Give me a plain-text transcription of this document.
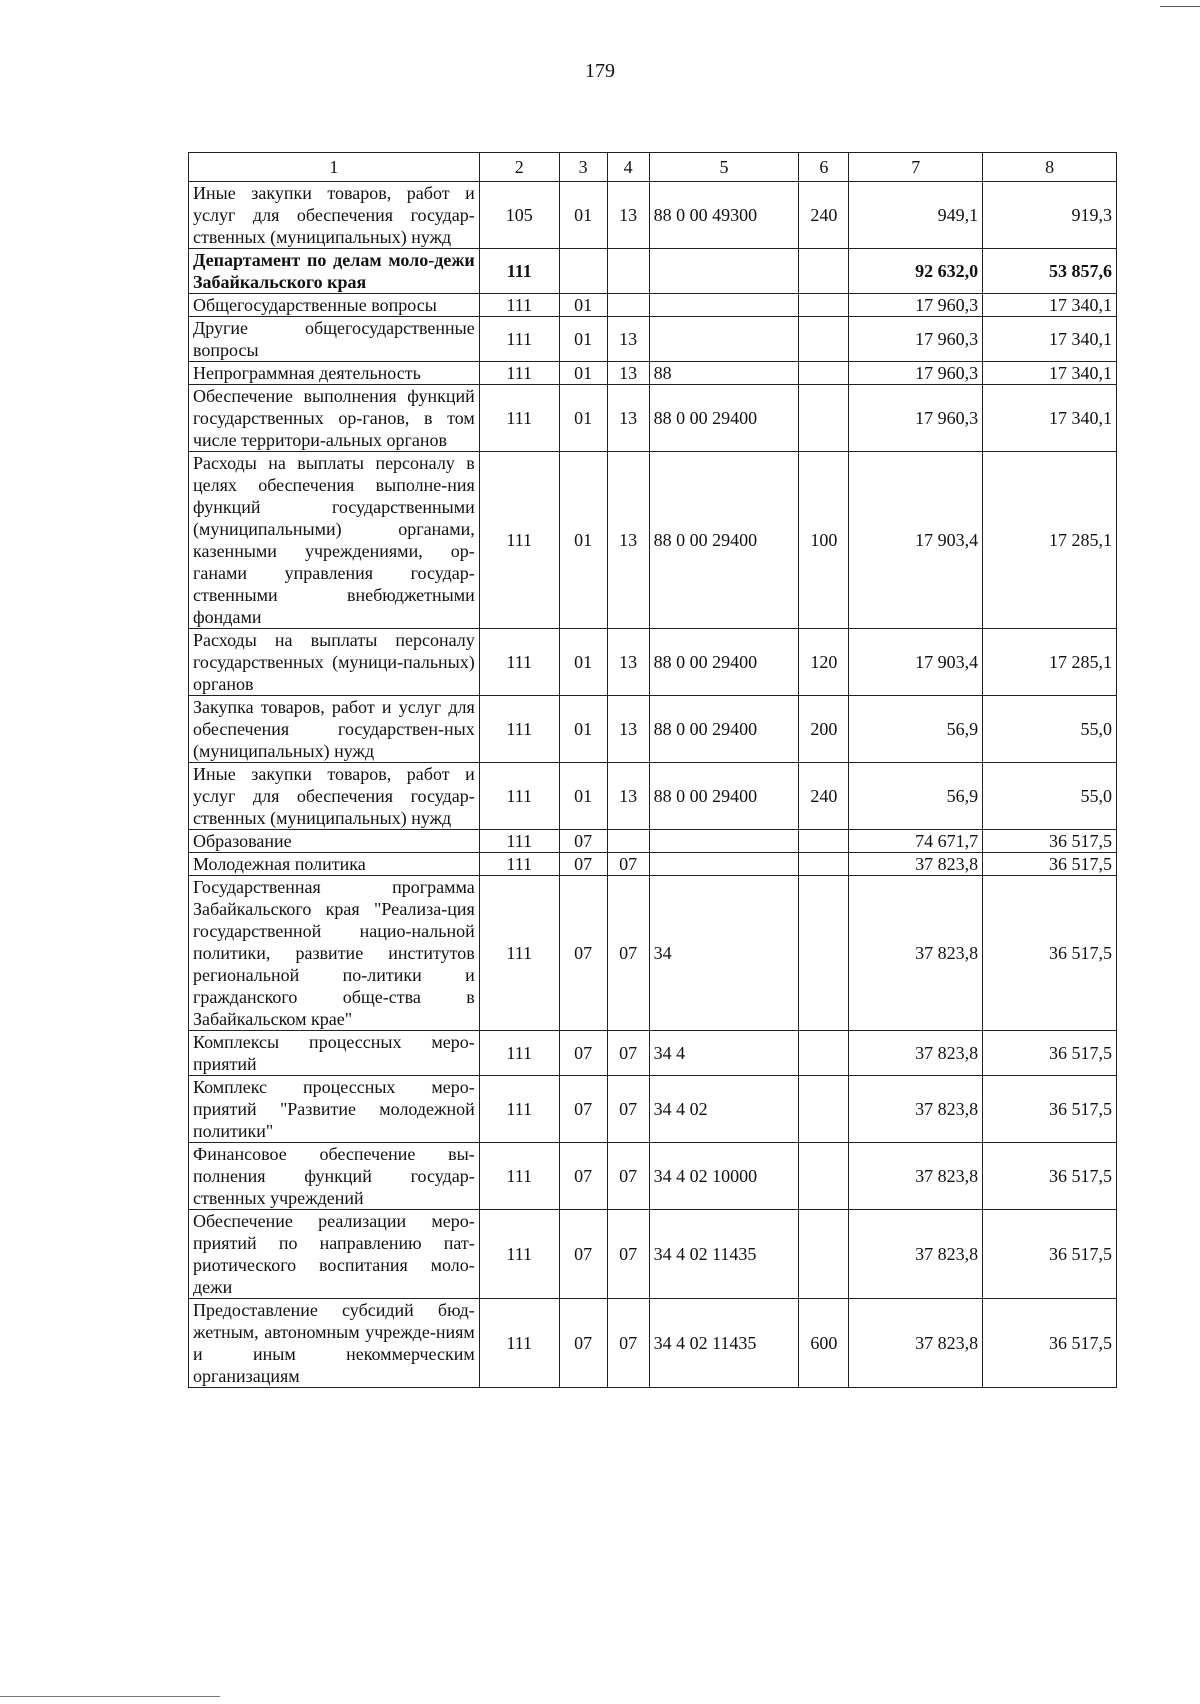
179
1	2	3	4	5	6	7	8
Иные закупки товаров, работ и услуг для обеспечения государ-ственных (муниципальных) нужд	105	01	13	88 0 00 49300	240	949,1	919,3
Департамент по делам моло-дежи Забайкальского края	111					92 632,0	53 857,6
Общегосударственные вопросы	111	01				17 960,3	17 340,1
Другие общегосударственные вопросы	111	01	13			17 960,3	17 340,1
Непрограммная деятельность	111	01	13	88		17 960,3	17 340,1
Обеспечение выполнения функций государственных ор-ганов, в том числе территори-альных органов	111	01	13	88 0 00 29400		17 960,3	17 340,1
Расходы на выплаты персоналу в целях обеспечения выполне-ния функций государственными (муниципальными) органами, казенными учреждениями, ор-ганами управления государ-ственными внебюджетными фондами	111	01	13	88 0 00 29400	100	17 903,4	17 285,1
Расходы на выплаты персоналу государственных (муници-пальных) органов	111	01	13	88 0 00 29400	120	17 903,4	17 285,1
Закупка товаров, работ и услуг для обеспечения государствен-ных (муниципальных) нужд	111	01	13	88 0 00 29400	200	56,9	55,0
Иные закупки товаров, работ и услуг для обеспечения государ-ственных (муниципальных) нужд	111	01	13	88 0 00 29400	240	56,9	55,0
Образование	111	07				74 671,7	36 517,5
Молодежная политика	111	07	07			37 823,8	36 517,5
Государственная программа Забайкальского края "Реализа-ция государственной нацио-нальной политики, развитие институтов региональной по-литики и гражданского обще-ства в Забайкальском крае"	111	07	07	34		37 823,8	36 517,5
Комплексы процессных меро-приятий	111	07	07	34 4		37 823,8	36 517,5
Комплекс процессных меро-приятий "Развитие молодежной политики"	111	07	07	34 4 02		37 823,8	36 517,5
Финансовое обеспечение вы-полнения функций государ-ственных учреждений	111	07	07	34 4 02 10000		37 823,8	36 517,5
Обеспечение реализации меро-приятий по направлению пат-риотического воспитания моло-дежи	111	07	07	34 4 02 11435		37 823,8	36 517,5
Предоставление субсидий бюд-жетным, автономным учрежде-ниям и иным некоммерческим организациям	111	07	07	34 4 02 11435	600	37 823,8	36 517,5
